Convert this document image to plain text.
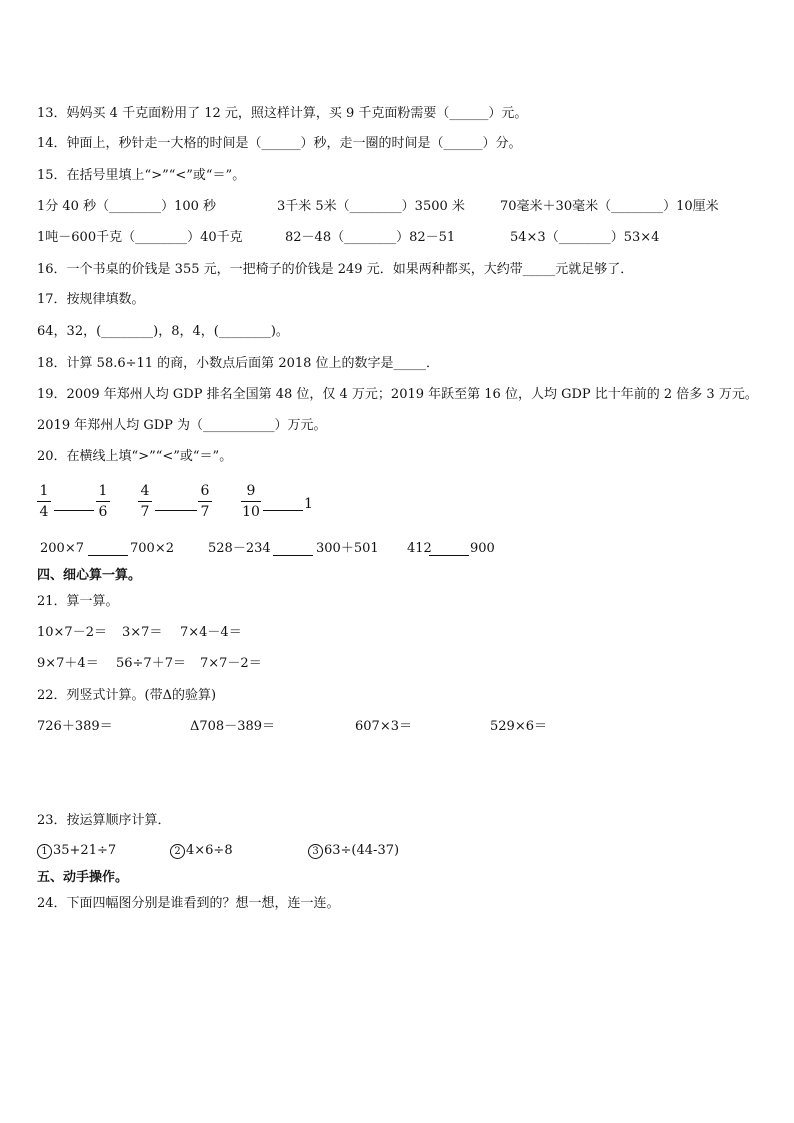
13．妈妈买 4 千克面粉用了 12 元，照这样计算，买 9 千克面粉需要（______）元。
14．钟面上，秒针走一大格的时间是（______）秒，走一圈的时间是（______）分。
15．在括号里填上“>”“<”或“＝”。
1分 40 秒（________）100 秒	3千米 5米（________）3500 米	70毫米＋30毫米（________）10厘米
1吨－600千克（________）40千克	82－48（________）82－51	54×3（________）53×4
16．一个书桌的价钱是 355 元，一把椅子的价钱是 249 元．如果两种都买，大约带_____元就足够了．
17．按规律填数。
64，32，(________)，8，4，(________)。
18．计算 58.6÷11 的商，小数点后面第 2018 位上的数字是_____．
19．2009 年郑州人均 GDP 排名全国第 48 位，仅 4 万元；2019 年跃至第 16 位，人均 GDP 比十年前的 2 倍多 3 万元。
2019 年郑州人均 GDP 为（___________）万元。
20．在横线上填“>”“<”或“＝”。
1
4
1
6
4
7
6
7
9
10	1
200×7	700×2	528－234	300＋501 412	900
四、细心算一算。
21．算一算。
10×7－2＝ 3×7＝ 7×4－4＝
9×7＋4＝ 56÷7＋7＝ 7×7－2＝
22．列竖式计算。(带Δ的验算)
726＋389＝	Δ708－389＝	607×3＝	529×6＝
23．按运算顺序计算．
1 35+21÷7	2 4×6÷8	3 63÷(44-37)
五、动手操作。
24．下面四幅图分别是谁看到的？想一想，连一连。
